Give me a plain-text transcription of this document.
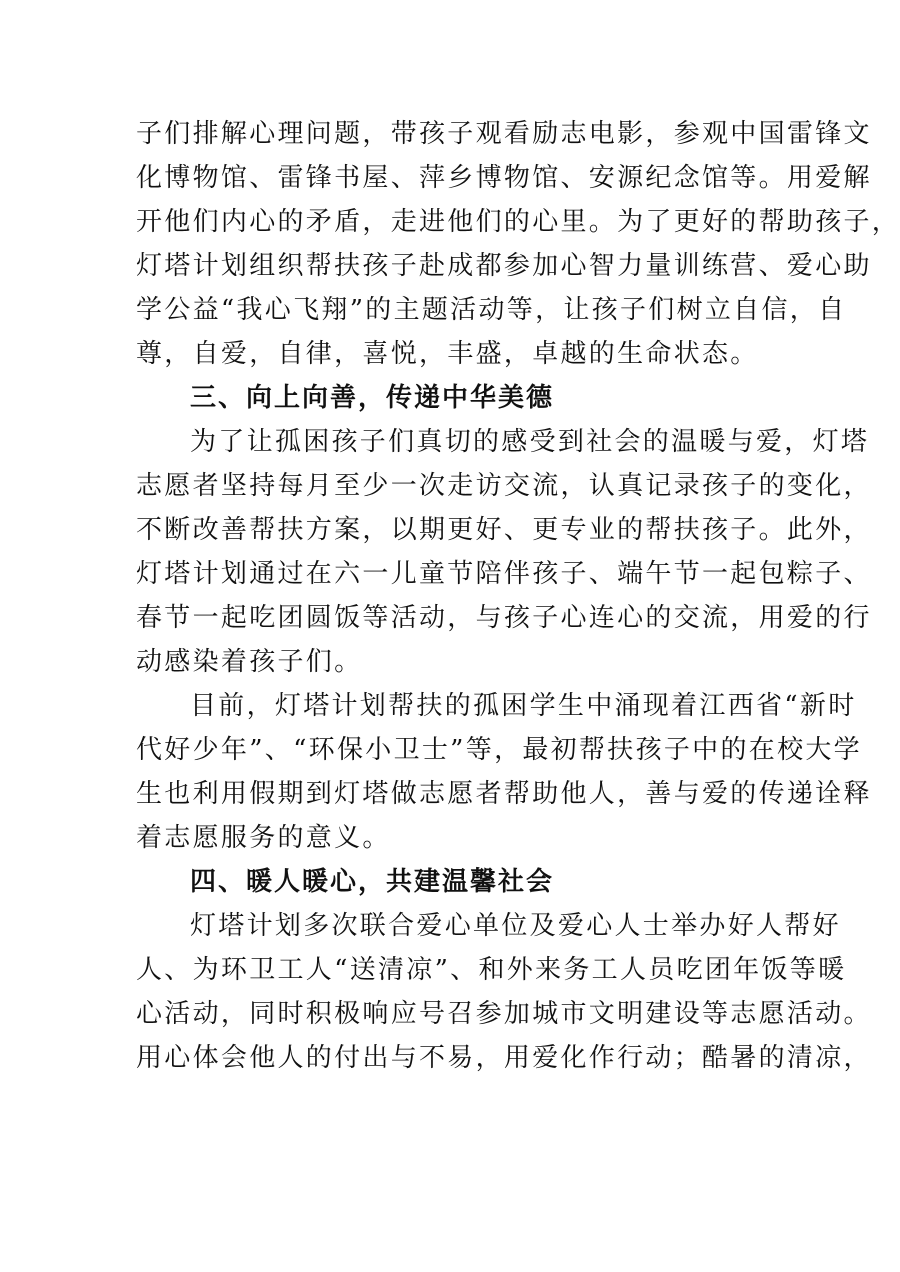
子们排解心理问题，带孩子观看励志电影，参观中国雷锋文
化博物馆、雷锋书屋、萍乡博物馆、安源纪念馆等。用爱解
开他们内心的矛盾，走进他们的心里。为了更好的帮助孩子，
灯塔计划组织帮扶孩子赴成都参加心智力量训练营、爱心助
学公益“我心飞翔”的主题活动等，让孩子们树立自信，自
尊，自爱，自律，喜悦，丰盛，卓越的生命状态。
三、向上向善，传递中华美德
为了让孤困孩子们真切的感受到社会的温暖与爱，灯塔
志愿者坚持每月至少一次走访交流，认真记录孩子的变化，
不断改善帮扶方案，以期更好、更专业的帮扶孩子。此外，
灯塔计划通过在六一儿童节陪伴孩子、端午节一起包粽子、
春节一起吃团圆饭等活动，与孩子心连心的交流，用爱的行
动感染着孩子们。
目前，灯塔计划帮扶的孤困学生中涌现着江西省“新时
代好少年”、“环保小卫士”等，最初帮扶孩子中的在校大学
生也利用假期到灯塔做志愿者帮助他人，善与爱的传递诠释
着志愿服务的意义。
四、暖人暖心，共建温馨社会
灯塔计划多次联合爱心单位及爱心人士举办好人帮好
人、为环卫工人“送清凉”、和外来务工人员吃团年饭等暖
心活动，同时积极响应号召参加城市文明建设等志愿活动。
用心体会他人的付出与不易，用爱化作行动；酷暑的清凉，
